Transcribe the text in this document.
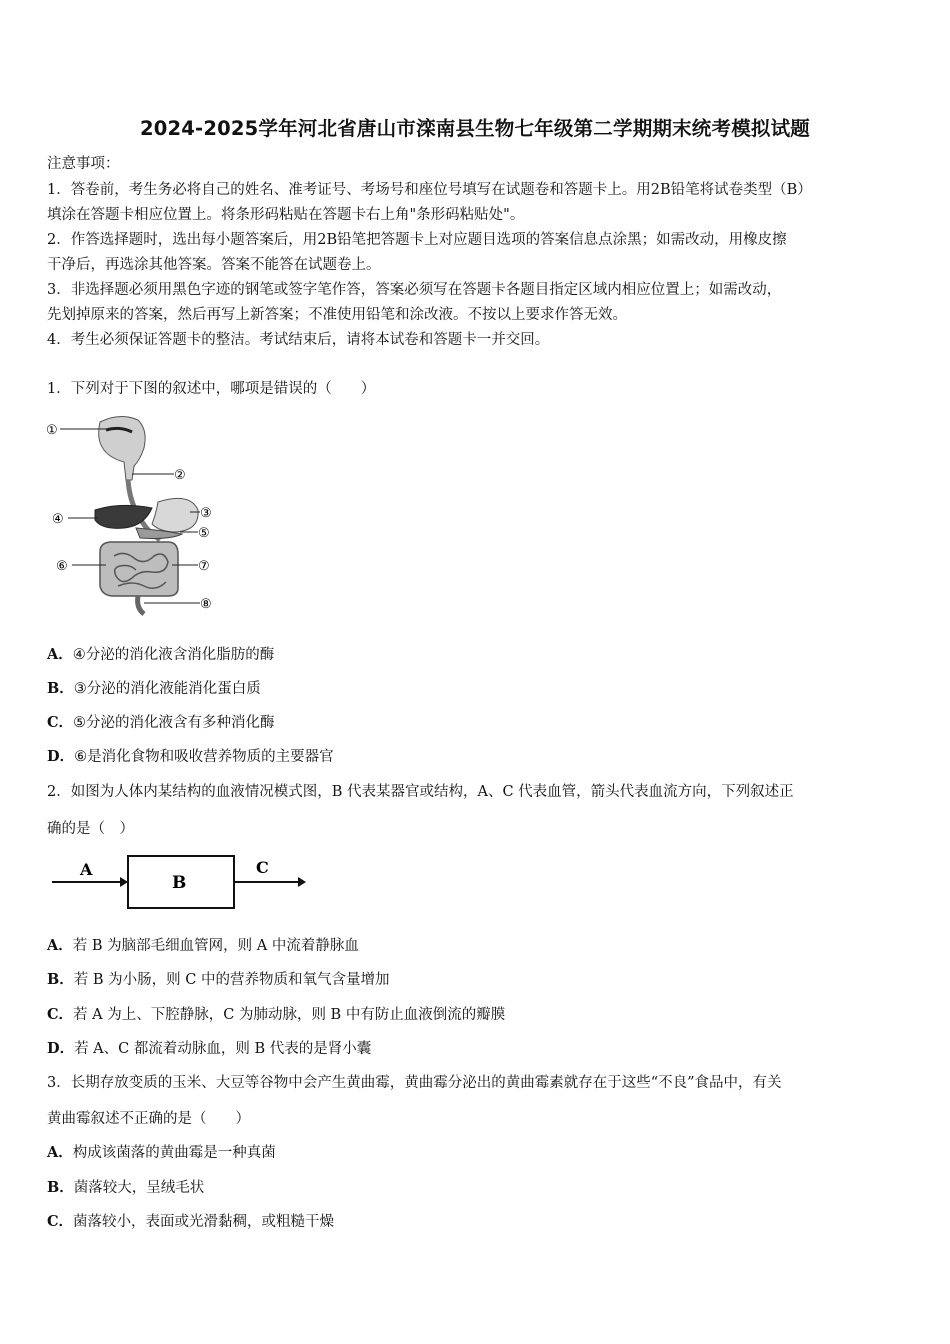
2024-2025学年河北省唐山市滦南县生物七年级第二学期期末统考模拟试题
注意事项：
1．答卷前，考生务必将自己的姓名、准考证号、考场号和座位号填写在试题卷和答题卡上。用2B铅笔将试卷类型（B）
填涂在答题卡相应位置上。将条形码粘贴在答题卡右上角"条形码粘贴处"。
2．作答选择题时，选出每小题答案后，用2B铅笔把答题卡上对应题目选项的答案信息点涂黑；如需改动，用橡皮擦
干净后，再选涂其他答案。答案不能答在试题卷上。
3．非选择题必须用黑色字迹的钢笔或签字笔作答，答案必须写在答题卡各题目指定区域内相应位置上；如需改动，
先划掉原来的答案，然后再写上新答案；不准使用铅笔和涂改液。不按以上要求作答无效。
4．考生必须保证答题卡的整洁。考试结束后，请将本试卷和答题卡一并交回。
1．下列对于下图的叙述中，哪项是错误的（　　）
①
②
③
④
⑤
⑥	⑦
⑧
A．④分泌的消化液含消化脂肪的酶
B．③分泌的消化液能消化蛋白质
C．⑤分泌的消化液含有多种消化酶
D．⑥是消化食物和吸收营养物质的主要器官
2．如图为人体内某结构的血液情况模式图，B 代表某器官或结构，A、C 代表血管，箭头代表血流方向，下列叙述正
确的是（　）
A
B
C
A．若 B 为脑部毛细血管网，则 A 中流着静脉血
B．若 B 为小肠，则 C 中的营养物质和氧气含量增加
C．若 A 为上、下腔静脉，C 为肺动脉，则 B 中有防止血液倒流的瓣膜
D．若 A、C 都流着动脉血，则 B 代表的是肾小囊
3．长期存放变质的玉米、大豆等谷物中会产生黄曲霉，黄曲霉分泌出的黄曲霉素就存在于这些“不良”食品中，有关
黄曲霉叙述不正确的是（　　）
A．构成该菌落的黄曲霉是一种真菌
B．菌落较大，呈绒毛状
C．菌落较小，表面或光滑黏稠，或粗糙干燥
